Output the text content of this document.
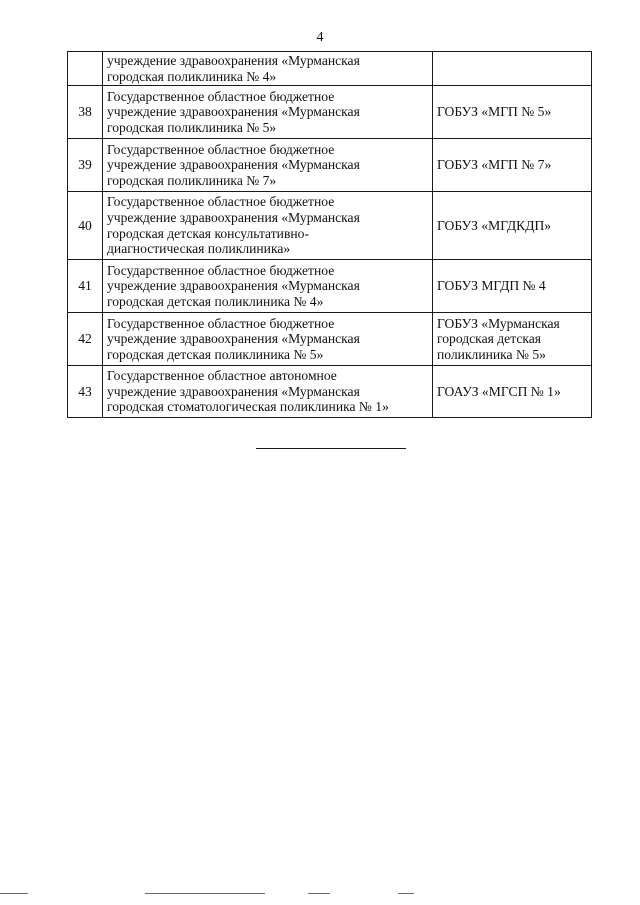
4

	учреждение здравоохранения «Мурманская
городская поликлиника № 4»	

38	Государственное областное бюджетное
учреждение здравоохранения «Мурманская
городская поликлиника № 5»	ГОБУЗ «МГП № 5»

39	Государственное областное бюджетное
учреждение здравоохранения «Мурманская
городская поликлиника № 7»	ГОБУЗ «МГП № 7»

40	Государственное областное бюджетное
учреждение здравоохранения «Мурманская
городская детская консультативно-
диагностическая поликлиника»	ГОБУЗ «МГДКДП»

41	Государственное областное бюджетное
учреждение здравоохранения «Мурманская
городская детская поликлиника № 4»	ГОБУЗ МГДП № 4

42	Государственное областное бюджетное
учреждение здравоохранения «Мурманская
городская детская поликлиника № 5»	ГОБУЗ «Мурманская
городская детская
поликлиника № 5»

43	Государственное областное автономное
учреждение здравоохранения «Мурманская
городская стоматологическая поликлиника № 1»	ГОАУЗ «МГСП № 1»
